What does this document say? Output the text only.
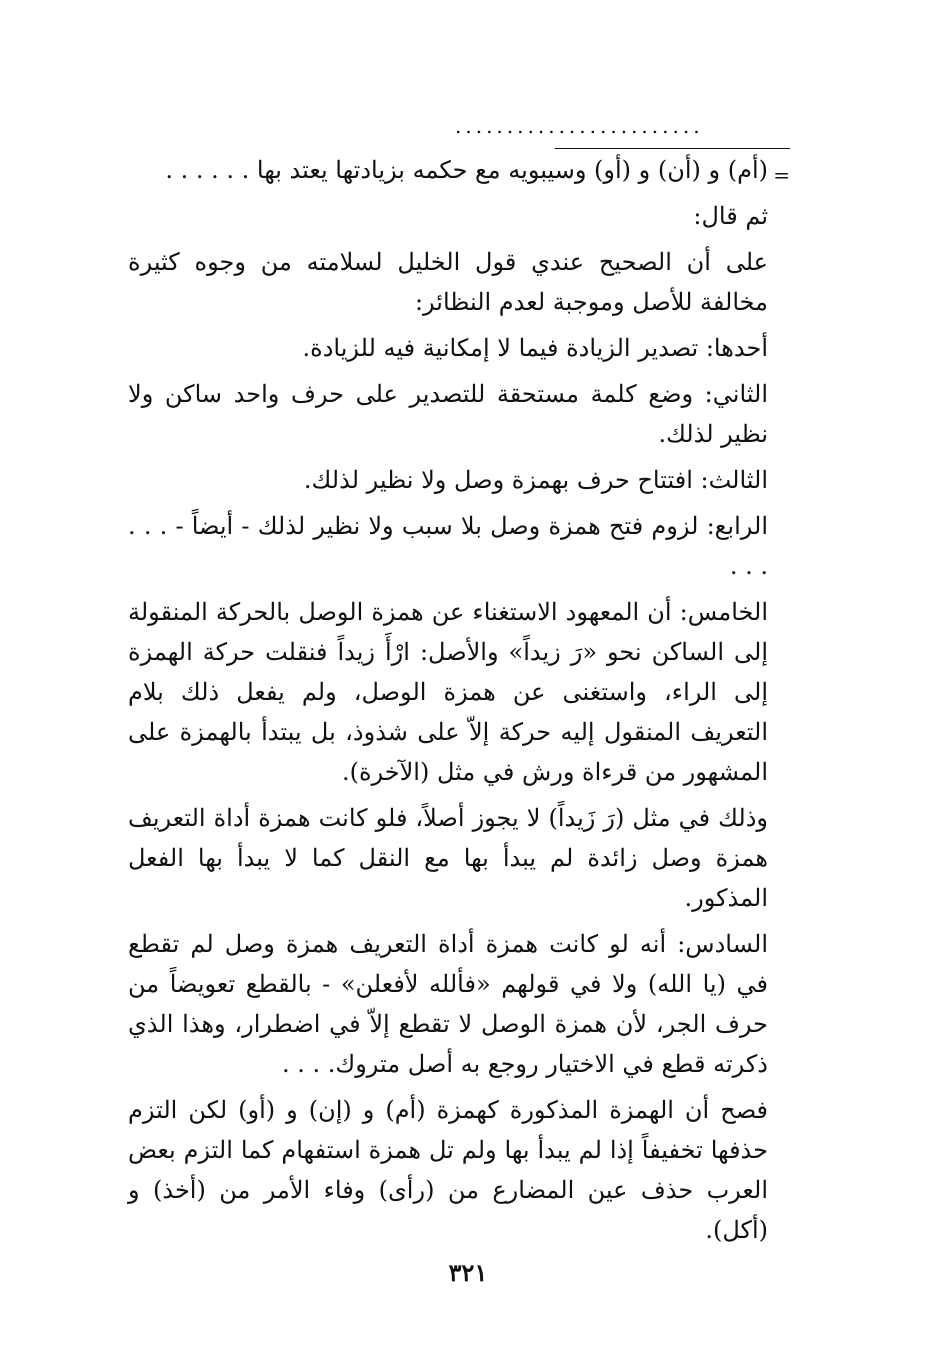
........................
=

(أم) و (أن) و (أو) وسيبويه مع حكمه بزيادتها يعتد بها . . . . . .

ثم قال:

على أن الصحيح عندي قول الخليل لسلامته من وجوه كثيرة مخالفة للأصل وموجبة لعدم النظائر:

أحدها: تصدير الزيادة فيما لا إمكانية فيه للزيادة.

الثاني: وضع كلمة مستحقة للتصدير على حرف واحد ساكن ولا نظير لذلك.

الثالث: افتتاح حرف بهمزة وصل ولا نظير لذلك.

الرابع: لزوم فتح همزة وصل بلا سبب ولا نظير لذلك - أيضاً - . . . . . .

الخامس: أن المعهود الاستغناء عن همزة الوصل بالحركة المنقولة إلى الساكن نحو «رَ زيداً» والأصل: ارْأَ زيداً فنقلت حركة الهمزة إلى الراء، واستغنى عن همزة الوصل، ولم يفعل ذلك بلام التعريف المنقول إليه حركة إلاّ على شذوذ، بل يبتدأ بالهمزة على المشهور من قرءاة ورش في مثل (الآخرة).

وذلك في مثل (رَ زَيداً) لا يجوز أصلاً، فلو كانت همزة أداة التعريف همزة وصل زائدة لم يبدأ بها مع النقل كما لا يبدأ بها الفعل المذكور.

السادس: أنه لو كانت همزة أداة التعريف همزة وصل لم تقطع في (يا الله) ولا في قولهم «فألله لأفعلن» - بالقطع تعويضاً من حرف الجر، لأن همزة الوصل لا تقطع إلاّ في اضطرار، وهذا الذي ذكرته قطع في الاختيار روجع به أصل متروك. . . .

فصح أن الهمزة المذكورة كهمزة (أم) و (إن) و (أو) لكن التزم حذفها تخفيفاً إذا لم يبدأ بها ولم تل همزة استفهام كما التزم بعض العرب حذف عين المضارع من (رأى) وفاء الأمر من (أخذ) و (أكل).

٣٢١
